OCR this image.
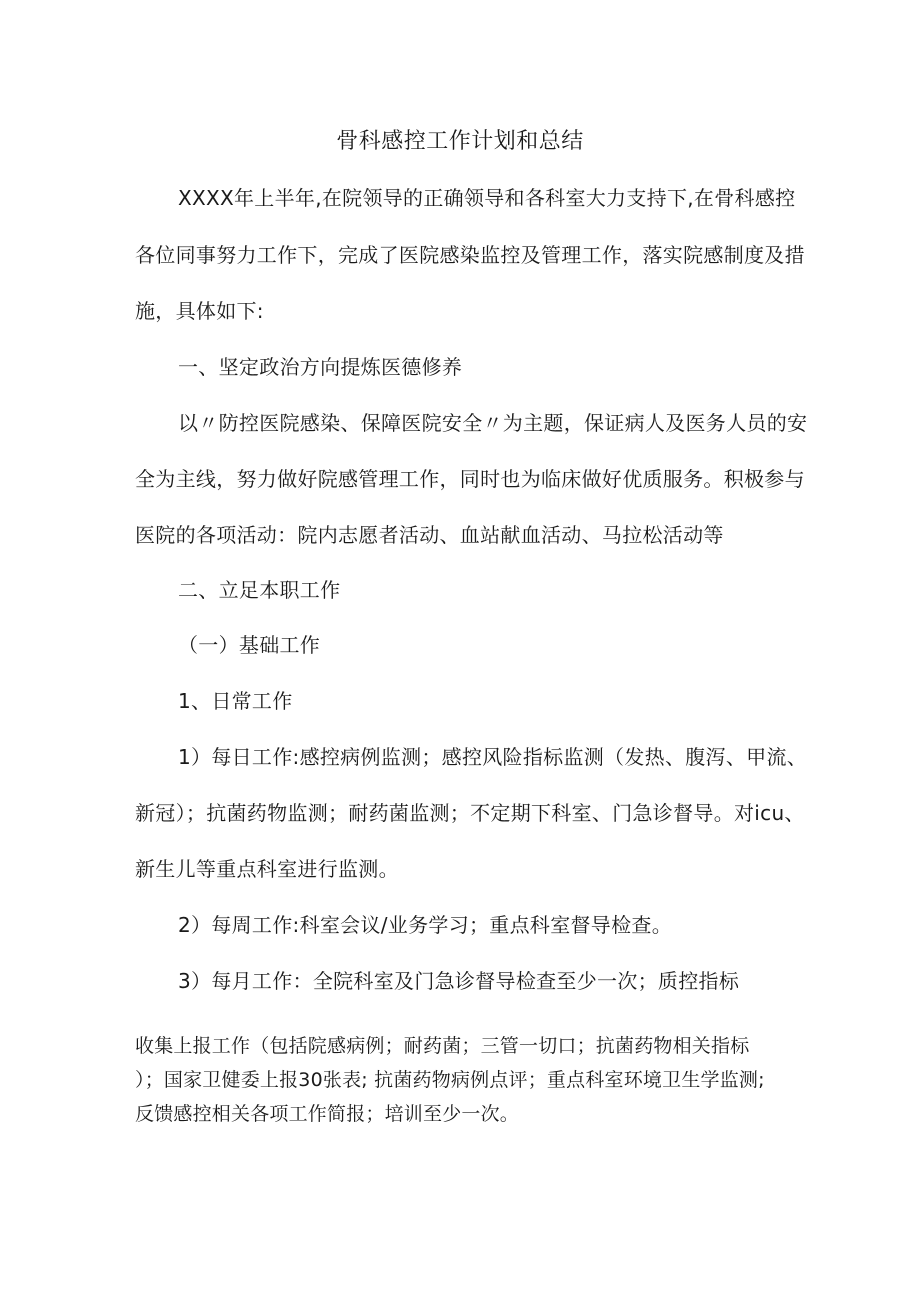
骨科感控工作计划和总结
XXXX年上半年,在院领导的正确领导和各科室大力支持下,在骨科感控
各位同事努力工作下，完成了医院感染监控及管理工作，落实院感制度及措
施，具体如下:
一、坚定政治方向提炼医德修养
以〃防控医院感染、保障医院安全〃为主题，保证病人及医务人员的安
全为主线，努力做好院感管理工作，同时也为临床做好优质服务。积极参与
医院的各项活动：院内志愿者活动、血站献血活动、马拉松活动等
二、立足本职工作
（一）基础工作
1、日常工作
1）每日工作:感控病例监测；感控风险指标监测（发热、腹泻、甲流、
新冠）；抗菌药物监测；耐药菌监测；不定期下科室、门急诊督导。对icu、
新生儿等重点科室进行监测。
2）每周工作:科室会议/业务学习；重点科室督导检查。
3）每月工作：全院科室及门急诊督导检查至少一次；质控指标
收集上报工作（包括院感病例；耐药菌；三管一切口；抗菌药物相关指标
）；国家卫健委上报30张表; 抗菌药物病例点评；重点科室环境卫生学监测;
反馈感控相关各项工作简报；培训至少一次。
